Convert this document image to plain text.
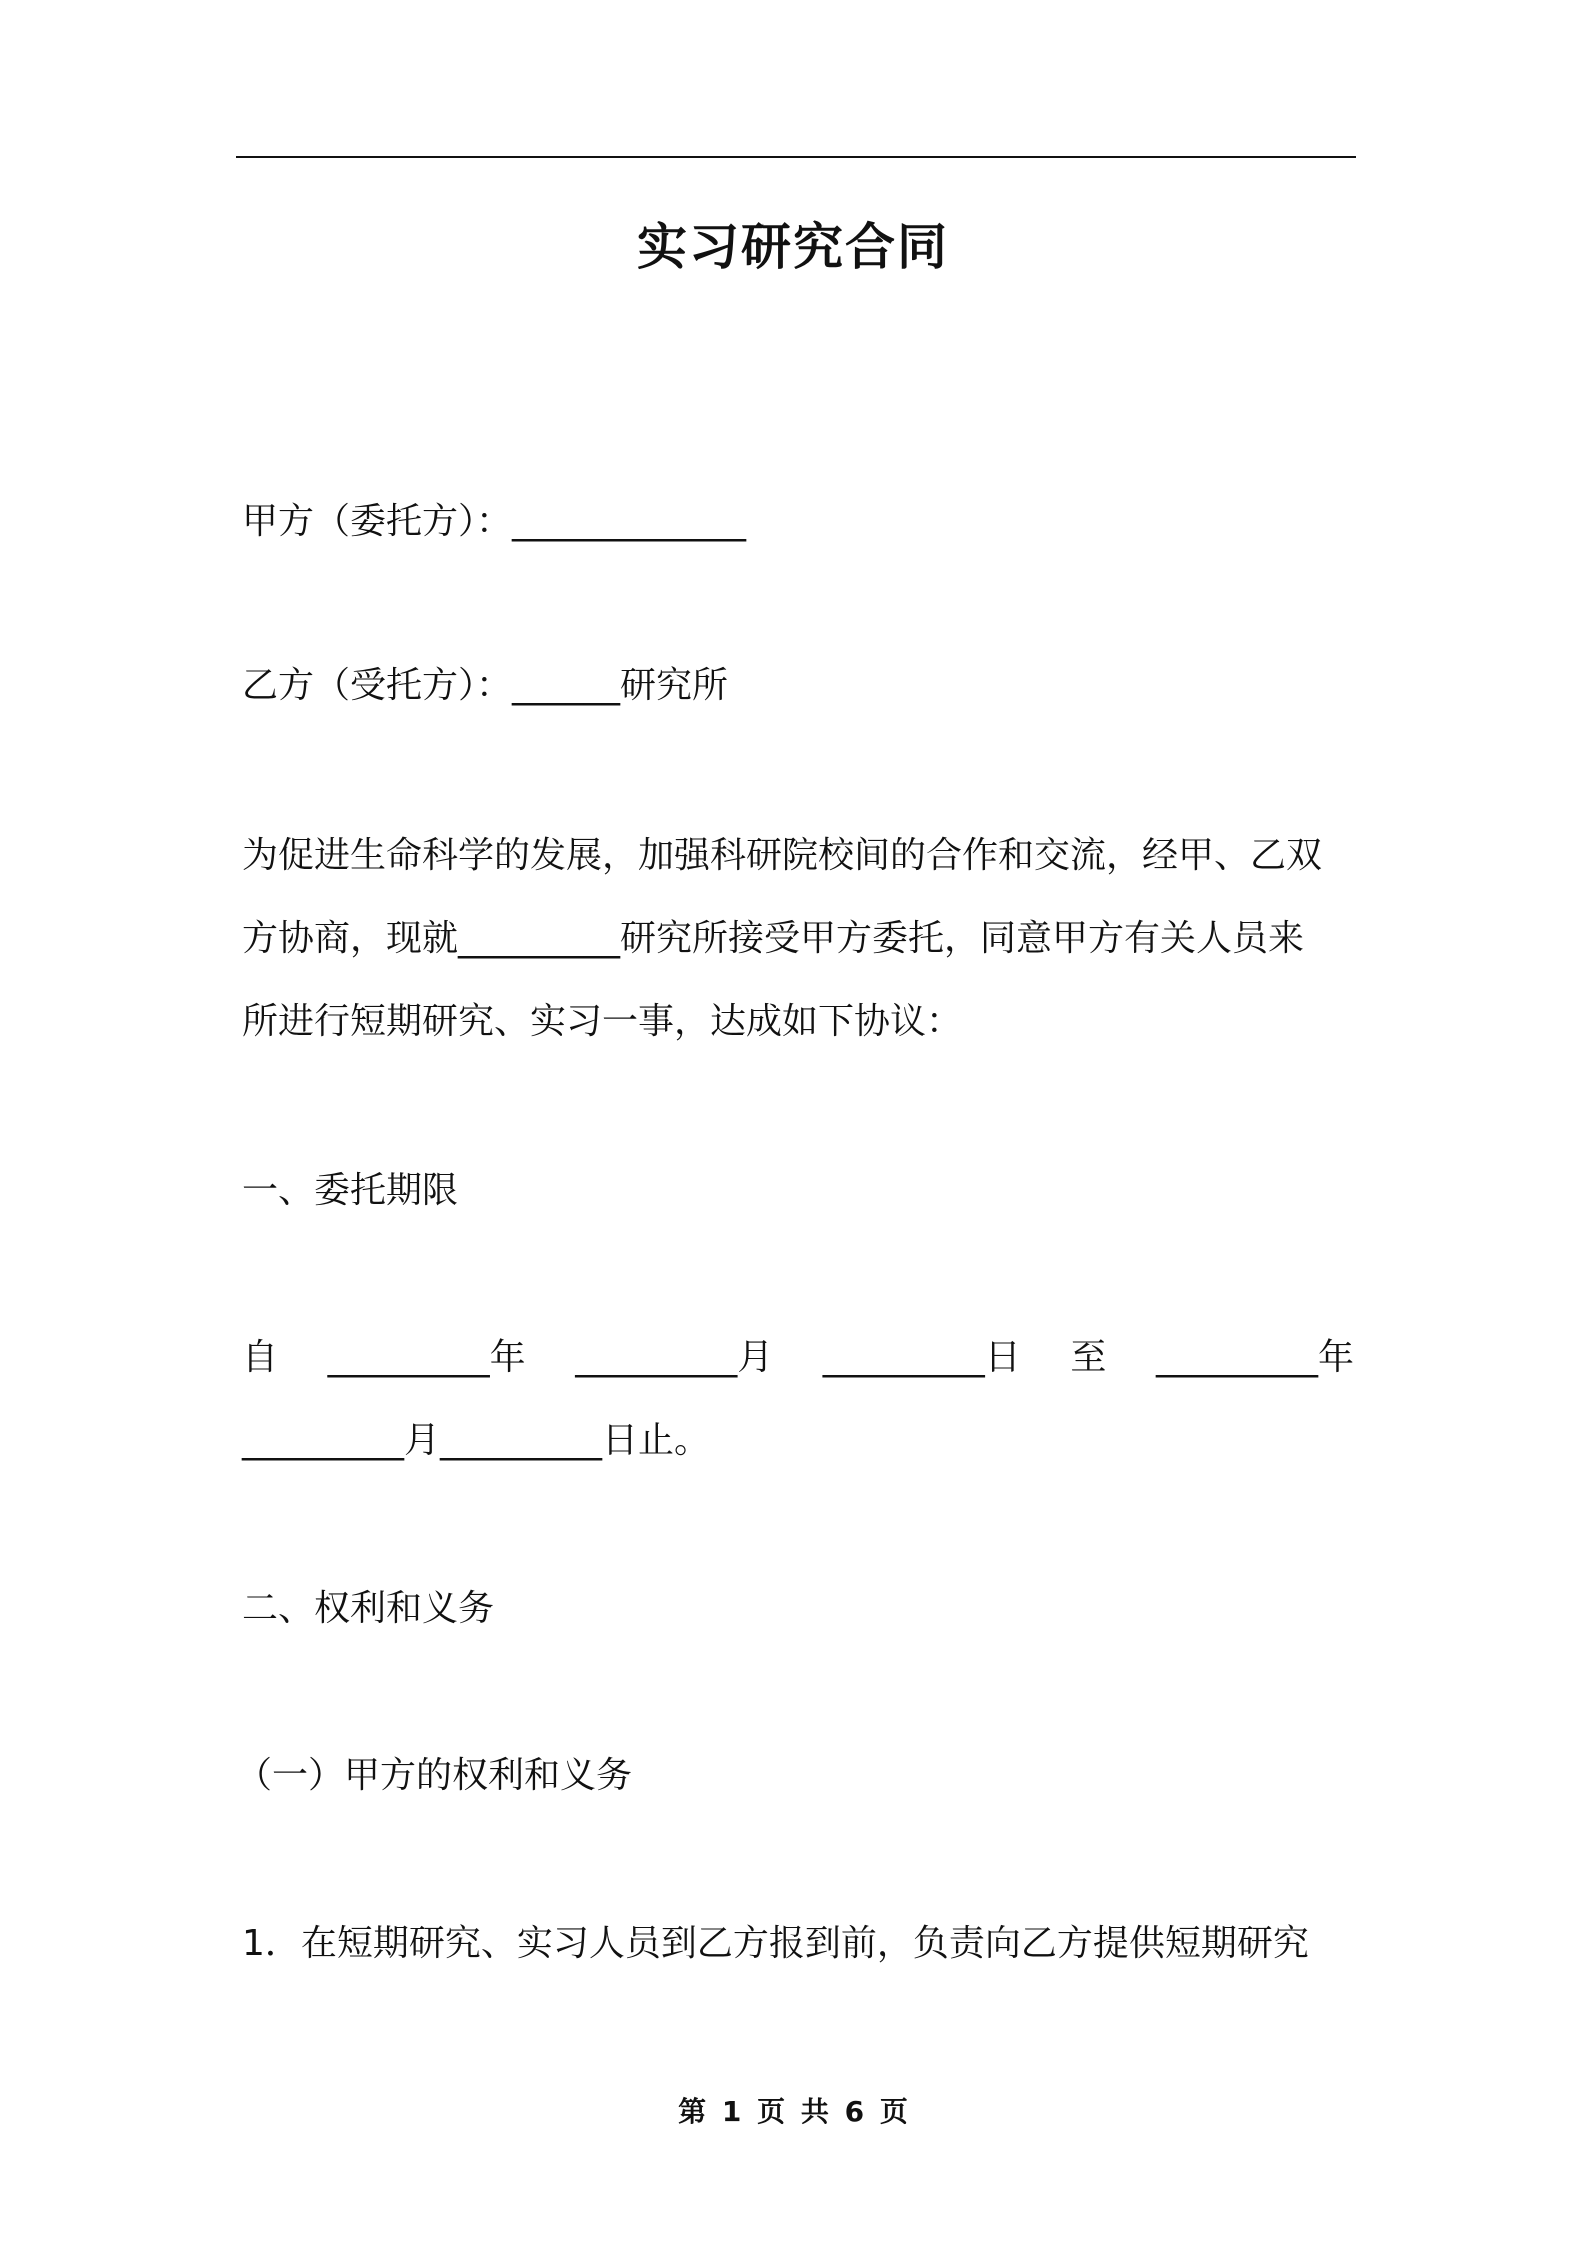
实习研究合同
甲方（委托方）：_____________
乙方（受托方）：______研究所
为促进生命科学的发展，加强科研院校间的合作和交流，经甲、乙双
方协商，现就_________研究所接受甲方委托，同意甲方有关人员来
所进行短期研究、实习一事，达成如下协议：
一、委托期限
自 _________年 _________月 _________日 至 _________年
_________月_________日止。
二、权利和义务
（一）甲方的权利和义务
1．在短期研究、实习人员到乙方报到前，负责向乙方提供短期研究
第 1 页 共 6 页
